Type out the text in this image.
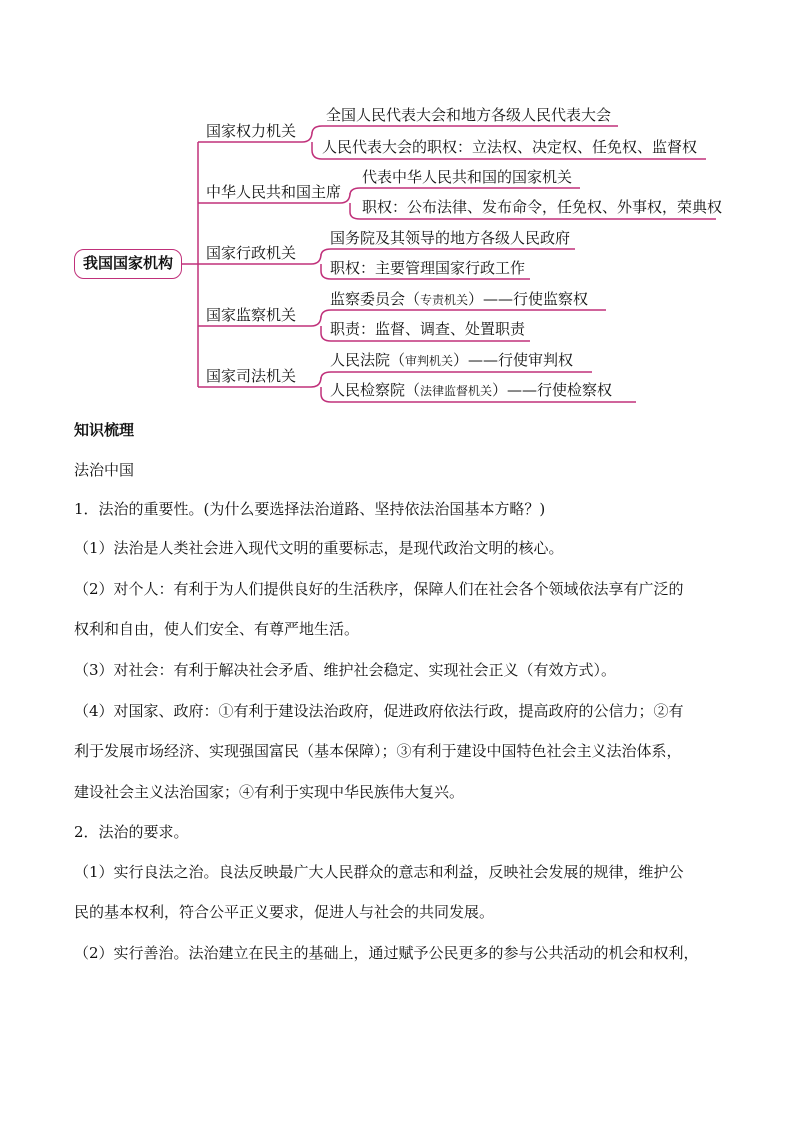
我国国家机构
国家权力机关
中华人民共和国主席
国家行政机关
国家监察机关
国家司法机关
全国人民代表大会和地方各级人民代表大会
人民代表大会的职权：立法权、决定权、任免权、监督权
代表中华人民共和国的国家机关
职权：公布法律、发布命令，任免权、外事权，荣典权
国务院及其领导的地方各级人民政府
职权：主要管理国家行政工作
监察委员会（专责机关）——行使监察权
职责：监督、调查、处置职责
人民法院（审判机关）——行使审判权
人民检察院（法律监督机关）——行使检察权

知识梳理

法治中国

1．法治的重要性。(为什么要选择法治道路、坚持依法治国基本方略？)

（1）法治是人类社会进入现代文明的重要标志，是现代政治文明的核心。

（2）对个人：有利于为人们提供良好的生活秩序，保障人们在社会各个领域依法享有广泛的

权利和自由，使人们安全、有尊严地生活。

（3）对社会：有利于解决社会矛盾、维护社会稳定、实现社会正义（有效方式）。

（4）对国家、政府：①有利于建设法治政府，促进政府依法行政，提高政府的公信力；②有

利于发展市场经济、实现强国富民（基本保障）；③有利于建设中国特色社会主义法治体系，

建设社会主义法治国家；④有利于实现中华民族伟大复兴。

2．法治的要求。

（1）实行良法之治。良法反映最广大人民群众的意志和利益，反映社会发展的规律，维护公

民的基本权利，符合公平正义要求，促进人与社会的共同发展。

（2）实行善治。法治建立在民主的基础上，通过赋予公民更多的参与公共活动的机会和权利，
